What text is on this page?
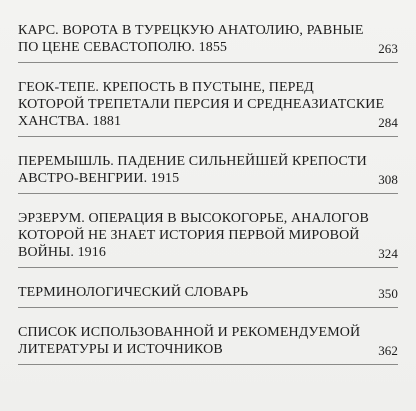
КАРС. ВОРОТА В ТУРЕЦКУЮ АНАТОЛИЮ, РАВНЫЕ
ПО ЦЕНЕ СЕВАСТОПОЛЮ. 1855	263
ГЕОК-ТЕПЕ. КРЕПОСТЬ В ПУСТЫНЕ, ПЕРЕД
КОТОРОЙ ТРЕПЕТАЛИ ПЕРСИЯ И СРЕДНЕАЗИАТСКИЕ
ХАНСТВА. 1881	284
ПЕРЕМЫШЛЬ. ПАДЕНИЕ СИЛЬНЕЙШЕЙ КРЕПОСТИ
АВСТРО-ВЕНГРИИ. 1915	308
ЭРЗЕРУМ. ОПЕРАЦИЯ В ВЫСОКОГОРЬЕ, АНАЛОГОВ
КОТОРОЙ НЕ ЗНАЕТ ИСТОРИЯ ПЕРВОЙ МИРОВОЙ
ВОЙНЫ. 1916	324
ТЕРМИНОЛОГИЧЕСКИЙ СЛОВАРЬ	350
СПИСОК ИСПОЛЬЗОВАННОЙ И РЕКОМЕНДУЕМОЙ
ЛИТЕРАТУРЫ И ИСТОЧНИКОВ	362
